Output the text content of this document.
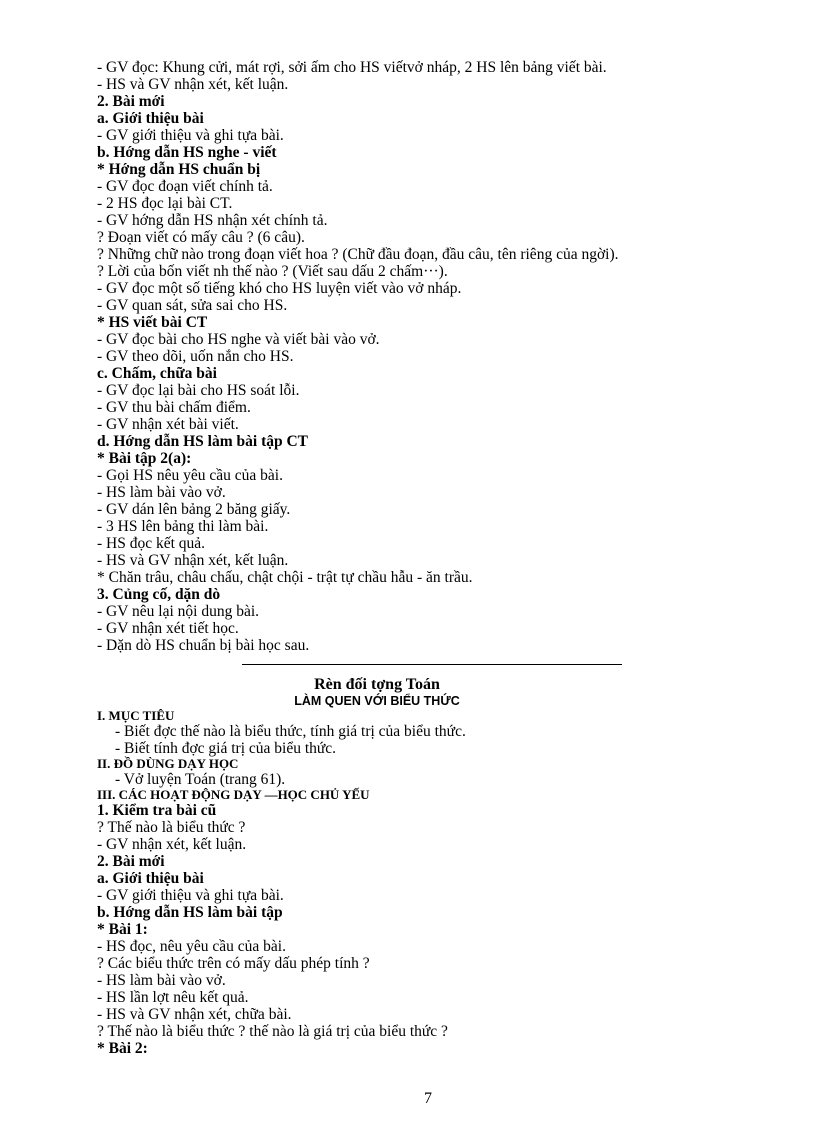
- GV đọc: Khung cửi, mát rợi, sởi ấm cho HS viếtvở nháp, 2 HS lên bảng viết bài.
- HS và GV nhận xét, kết luận.
2. Bài mới
a. Giới thiệu bài
- GV giới thiệu và ghi tựa bài.
b. Hớng dẫn HS nghe - viết
* Hớng dẫn HS chuẩn bị
- GV đọc đoạn viết chính tả.
- 2 HS đọc lại bài CT.
- GV hớng dẫn HS nhận xét chính tả.
? Đoạn viết có mấy câu ? (6 câu).
? Những chữ nào trong đoạn viết hoa ? (Chữ đầu đoạn, đầu câu, tên riêng của ngời).
? Lời của bốn viết nh thế nào ? (Viết sau dấu 2 chấm···).
- GV đọc một số tiếng khó cho HS luyện viết vào vở nháp.
- GV quan sát, sửa sai cho HS.
* HS viết bài CT
- GV đọc bài cho HS nghe và viết bài vào vở.
- GV theo dõi, uốn nắn cho HS.
c. Chấm, chữa bài
- GV đọc lại bài cho HS soát lỗi.
- GV thu bài chấm điểm.
- GV nhận xét bài viết.
d. Hớng dẫn HS làm bài tập CT
* Bài tập 2(a):
- Gọi HS nêu yêu cầu của bài.
- HS làm bài vào vở.
- GV dán lên bảng 2 băng giấy.
- 3 HS lên bảng thi làm bài.
- HS đọc kết quả.
- HS và GV nhận xét, kết luận.
* Chăn trâu, châu chấu, chật chội - trật tự chầu hẫu - ăn trầu.
3. Củng cố, dặn dò
- GV nêu lại nội dung bài.
- GV nhận xét tiết học.
- Dặn dò HS chuẩn bị bài học sau.
Rèn đối tợng Toán
LÀM QUEN VỚI BIỂU THỨC
I. MỤC TIÊU
- Biết đợc thế nào là biểu thức, tính giá trị của biểu thức.
- Biết tính đợc giá trị của biểu thức.
II. ĐỒ DÙNG DẠY HỌC
- Vở luyện Toán (trang 61).
III. CÁC HOẠT ĐỘNG DẠY —HỌC CHỦ YẾU
1. Kiểm tra bài cũ
? Thế nào là biểu thức ?
- GV nhận xét, kết luận.
2. Bài mới
a. Giới thiệu bài
- GV giới thiệu và ghi tựa bài.
b. Hớng dẫn HS làm bài tập
* Bài 1:
- HS đọc, nêu yêu cầu của bài.
? Các biểu thức trên có mấy dấu phép tính ?
- HS làm bài vào vở.
- HS lần lợt nêu kết quả.
- HS và GV nhận xét, chữa bài.
? Thế nào là biểu thức ? thế nào là giá trị của biểu thức ?
* Bài 2:
7
